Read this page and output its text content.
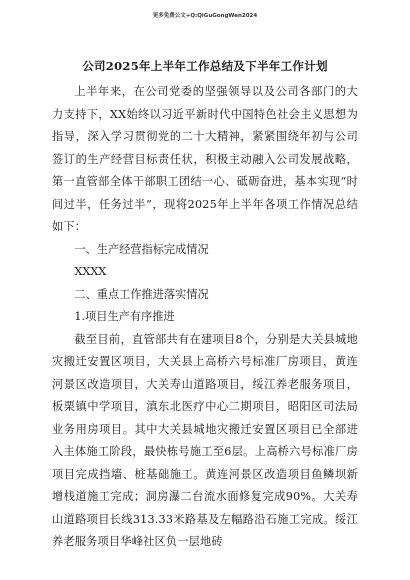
更多免费公文+Q:QiGuGongWen2024
公司2025年上半年工作总结及下半年工作计划

上半年来，在公司党委的坚强领导以及公司各部门的大力支持下，XX始终以习近平新时代中国特色社会主义思想为指导，深入学习贯彻党的二十大精神，紧紧围绕年初与公司签订的生产经营目标责任状，积极主动融入公司发展战略，第一直管部全体干部职工团结一心、砥砺奋进，基本实现“时间过半，任务过半”，现将2025年上半年各项工作情况总结如下：

一、生产经营指标完成情况

XXXX

二、重点工作推进落实情况

1.项目生产有序推进

截至目前，直管部共有在建项目8个，分别是大关县城地灾搬迁安置区项目，大关县上高桥六号标准厂房项目，黄连河景区改造项目，大关寿山道路项目，绥江养老服务项目，板栗镇中学项目，滇东北医疗中心二期项目，昭阳区司法局业务用房项目。其中大关县城地灾搬迁安置区项目已全部进入主体施工阶段，最快栋号施工至6层。上高桥六号标准厂房项目完成挡墙、桩基础施工。黄连河景区改造项目鱼鳞坝新增栈道施工完成；洞房瀑二台流水面修复完成90%。大关寿山道路项目长线313.33米路基及左幅路沿石施工完成。绥江养老服务项目华峰社区负一层地砖
